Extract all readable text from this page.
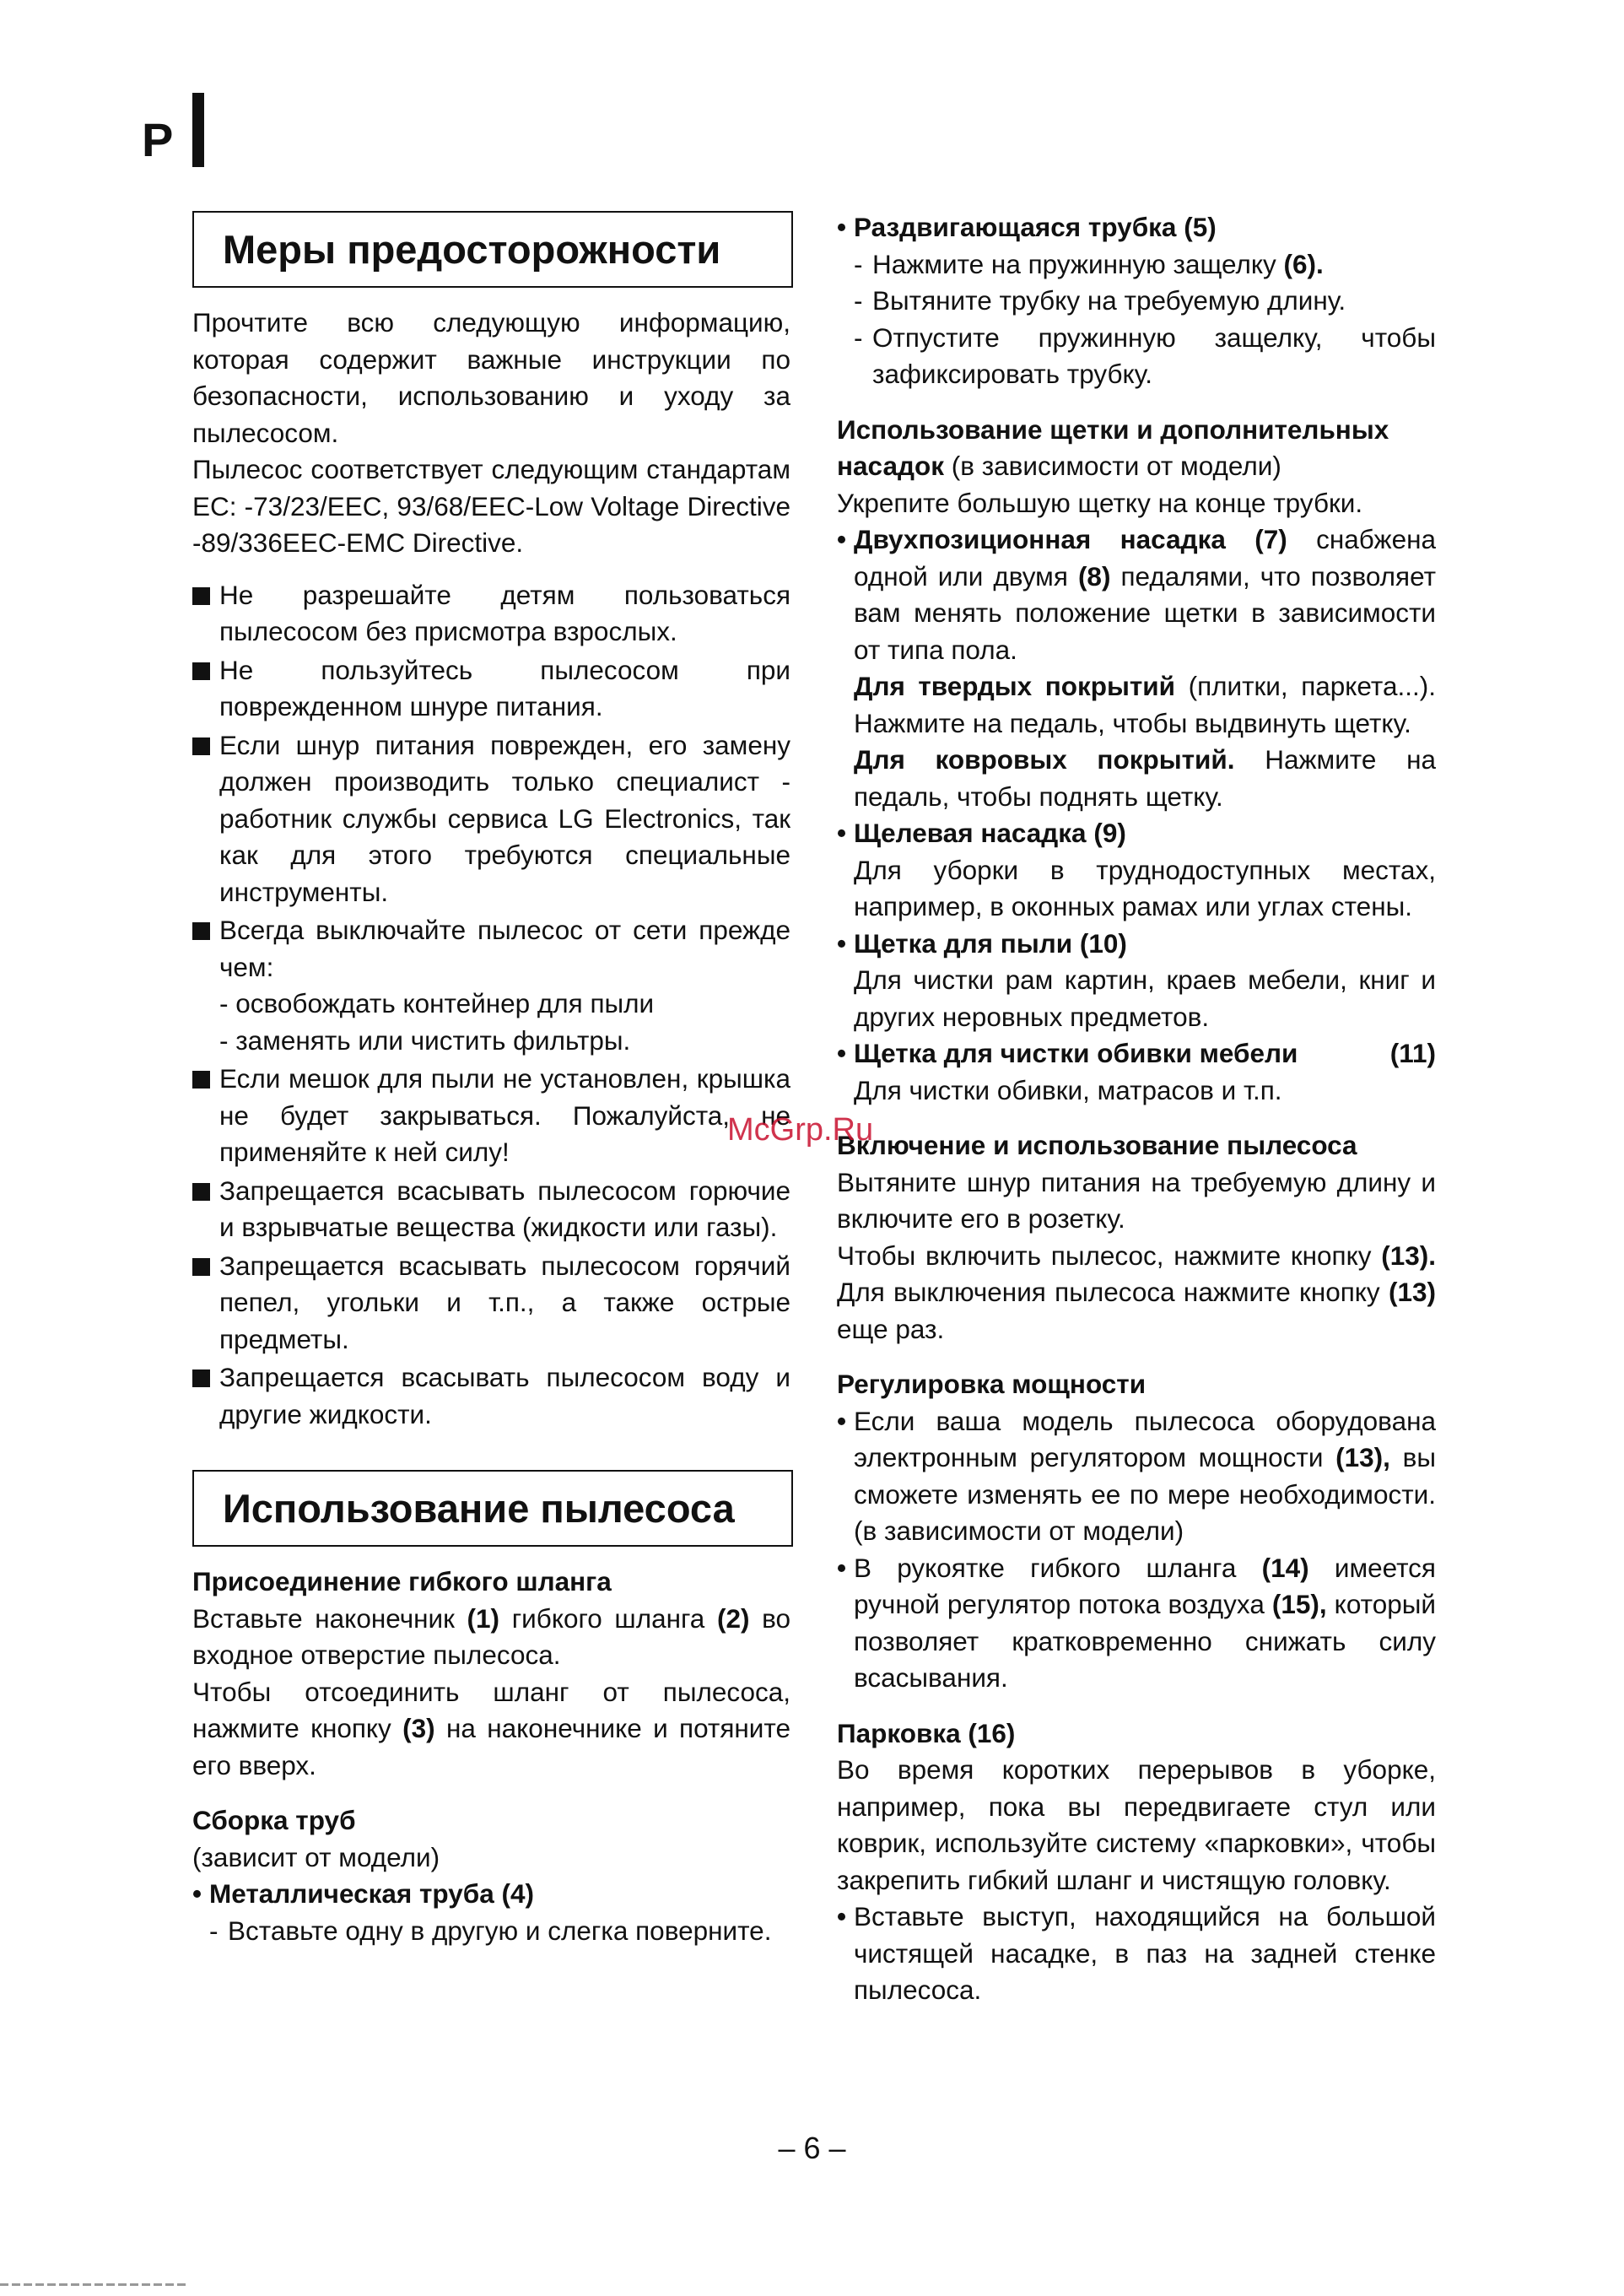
P
Меры предосторожности

Прочтите всю следующую информацию, которая содержит важные инструкции по безопасности, использованию и уходу за пылесосом.

Пылесос соответствует следующим стандартам ЕС: -73/23/EEC, 93/68/EEC-Low Voltage Directive -89/336EEC-EMC Directive.

Не разрешайте детям пользоваться пылесосом без присмотра взрослых.
Не пользуйтесь пылесосом при поврежденном шнуре питания.
Если шнур питания поврежден, его замену должен производить только специалист - работник службы сервиса LG Electronics, так как для этого требуются специальные инструменты.
Всегда выключайте пылесос от сети прежде чем:
- освобождать контейнер для пыли
- заменять или чистить фильтры.
Если мешок для пыли не установлен, крышка не будет закрываться. Пожалуйста, не применяйте к ней силу!
Запрещается всасывать пылесосом горючие и взрывчатые вещества (жидкости или газы).
Запрещается всасывать пылесосом горячий пепел, угольки и т.п., а также острые предметы.
Запрещается всасывать пылесосом воду и другие жидкости.
Использование пылесоса
Присоединение гибкого шланга

Вставьте наконечник (1) гибкого шланга (2) во входное отверстие пылесоса.

Чтобы отсоединить шланг от пылесоса, нажмите кнопку (3) на наконечнике и потяните его вверх.

Сборка труб

(зависит от модели)

• Металлическая труба (4)
- Вставьте одну в другую и слегка поверните.
• Раздвигающаяся трубка (5)
- Нажмите на пружинную защелку (6).
- Вытяните трубку на требуемую длину.
- Отпустите пружинную защелку, чтобы зафиксировать трубку.
Использование щетки и дополнительных насадок (в зависимости от модели)

Укрепите большую щетку на конце трубки.

• Двухпозиционная насадка (7) снабжена одной или двумя (8) педалями, что позволяет вам менять положение щетки в зависимости от типа пола.

Для твердых покрытий (плитки, паркета...). Нажмите на педаль, чтобы выдвинуть щетку.

Для ковровых покрытий. Нажмите на педаль, чтобы поднять щетку.

• Щелевая насадка (9)

Для уборки в труднодоступных местах, например, в оконных рамах или углах стены.

• Щетка для пыли (10)

Для чистки рам картин, краев мебели, книг и других неровных предметов.

• Щетка для чистки обивки мебели	(11)

Для чистки обивки, матрасов и т.п.

Включение и использование пылесоса

Вытяните шнур питания на требуемую длину и включите его в розетку.

Чтобы включить пылесос, нажмите кнопку (13). Для выключения пылесоса нажмите кнопку (13) еще раз.

Регулировка мощности
• Если ваша модель пылесоса оборудована электронным регулятором мощности (13), вы сможете изменять ее по мере необходимости. (в зависимости от модели)
• В рукоятке гибкого шланга (14) имеется ручной регулятор потока воздуха (15), который позволяет кратковременно снижать силу всасывания.
Парковка (16)

Во время коротких перерывов в уборке, например, пока вы передвигаете стул или коврик, используйте систему «парковки», чтобы закрепить гибкий шланг и чистящую головку.

• Вставьте выступ, находящийся на большой чистящей насадке, в паз на задней стенке пылесоса.
McGrp.Ru
– 6 –
